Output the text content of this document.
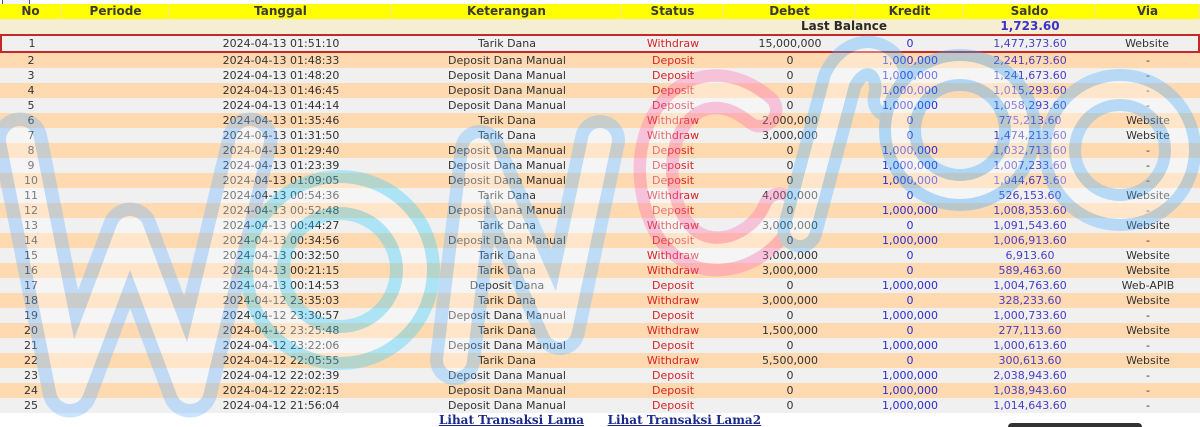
No	Periode	Tanggal	Keterangan	Status	Debet	Kredit	Saldo	Via
					Last Balance		1,723.60	
1		2024-04-13 01:51:10	Tarik Dana	Withdraw	15,000,000	0	1,477,373.60	Website
2		2024-04-13 01:48:33	Deposit Dana Manual	Deposit	0	1,000,000	2,241,673.60	-
3		2024-04-13 01:48:20	Deposit Dana Manual	Deposit	0	1,000,000	1,241,673.60	-
4		2024-04-13 01:46:45	Deposit Dana Manual	Deposit	0	1,000,000	1,015,293.60	-
5		2024-04-13 01:44:14	Deposit Dana Manual	Deposit	0	1,000,000	1,058,293.60	-
6		2024-04-13 01:35:46	Tarik Dana	Withdraw	2,000,000	0	775,213.60	Website
7		2024-04-13 01:31:50	Tarik Dana	Withdraw	3,000,000	0	1,474,213.60	Website
8		2024-04-13 01:29:40	Deposit Dana Manual	Deposit	0	1,000,000	1,032,713.60	-
9		2024-04-13 01:23:39	Deposit Dana Manual	Deposit	0	1,000,000	1,007,233.60	-
10		2024-04-13 01:09:05	Deposit Dana Manual	Deposit	0	1,000,000	1,044,673.60	-
11		2024-04-13 00:54:36	Tarik Dana	Withdraw	4,000,000	0	526,153.60	Website
12		2024-04-13 00:52:48	Deposit Dana Manual	Deposit	0	1,000,000	1,008,353.60	-
13		2024-04-13 00:44:27	Tarik Dana	Withdraw	3,000,000	0	1,091,543.60	Website
14		2024-04-13 00:34:56	Deposit Dana Manual	Deposit	0	1,000,000	1,006,913.60	-
15		2024-04-13 00:32:50	Tarik Dana	Withdraw	3,000,000	0	6,913.60	Website
16		2024-04-13 00:21:15	Tarik Dana	Withdraw	3,000,000	0	589,463.60	Website
17		2024-04-13 00:14:53	Deposit Dana	Deposit	0	1,000,000	1,004,763.60	Web-APIB
18		2024-04-12 23:35:03	Tarik Dana	Withdraw	3,000,000	0	328,233.60	Website
19		2024-04-12 23:30:57	Deposit Dana Manual	Deposit	0	1,000,000	1,000,733.60	-
20		2024-04-12 23:25:48	Tarik Dana	Withdraw	1,500,000	0	277,113.60	Website
21		2024-04-12 23:22:06	Deposit Dana Manual	Deposit	0	1,000,000	1,000,613.60	-
22		2024-04-12 22:05:55	Tarik Dana	Withdraw	5,500,000	0	300,613.60	Website
23		2024-04-12 22:02:39	Deposit Dana Manual	Deposit	0	1,000,000	2,038,943.60	-
24		2024-04-12 22:02:15	Deposit Dana Manual	Deposit	0	1,000,000	1,038,943.60	-
25		2024-04-12 21:56:04	Deposit Dana Manual	Deposit	0	1,000,000	1,014,643.60	-
Lihat Transaksi Lama Lihat Transaksi Lama2
